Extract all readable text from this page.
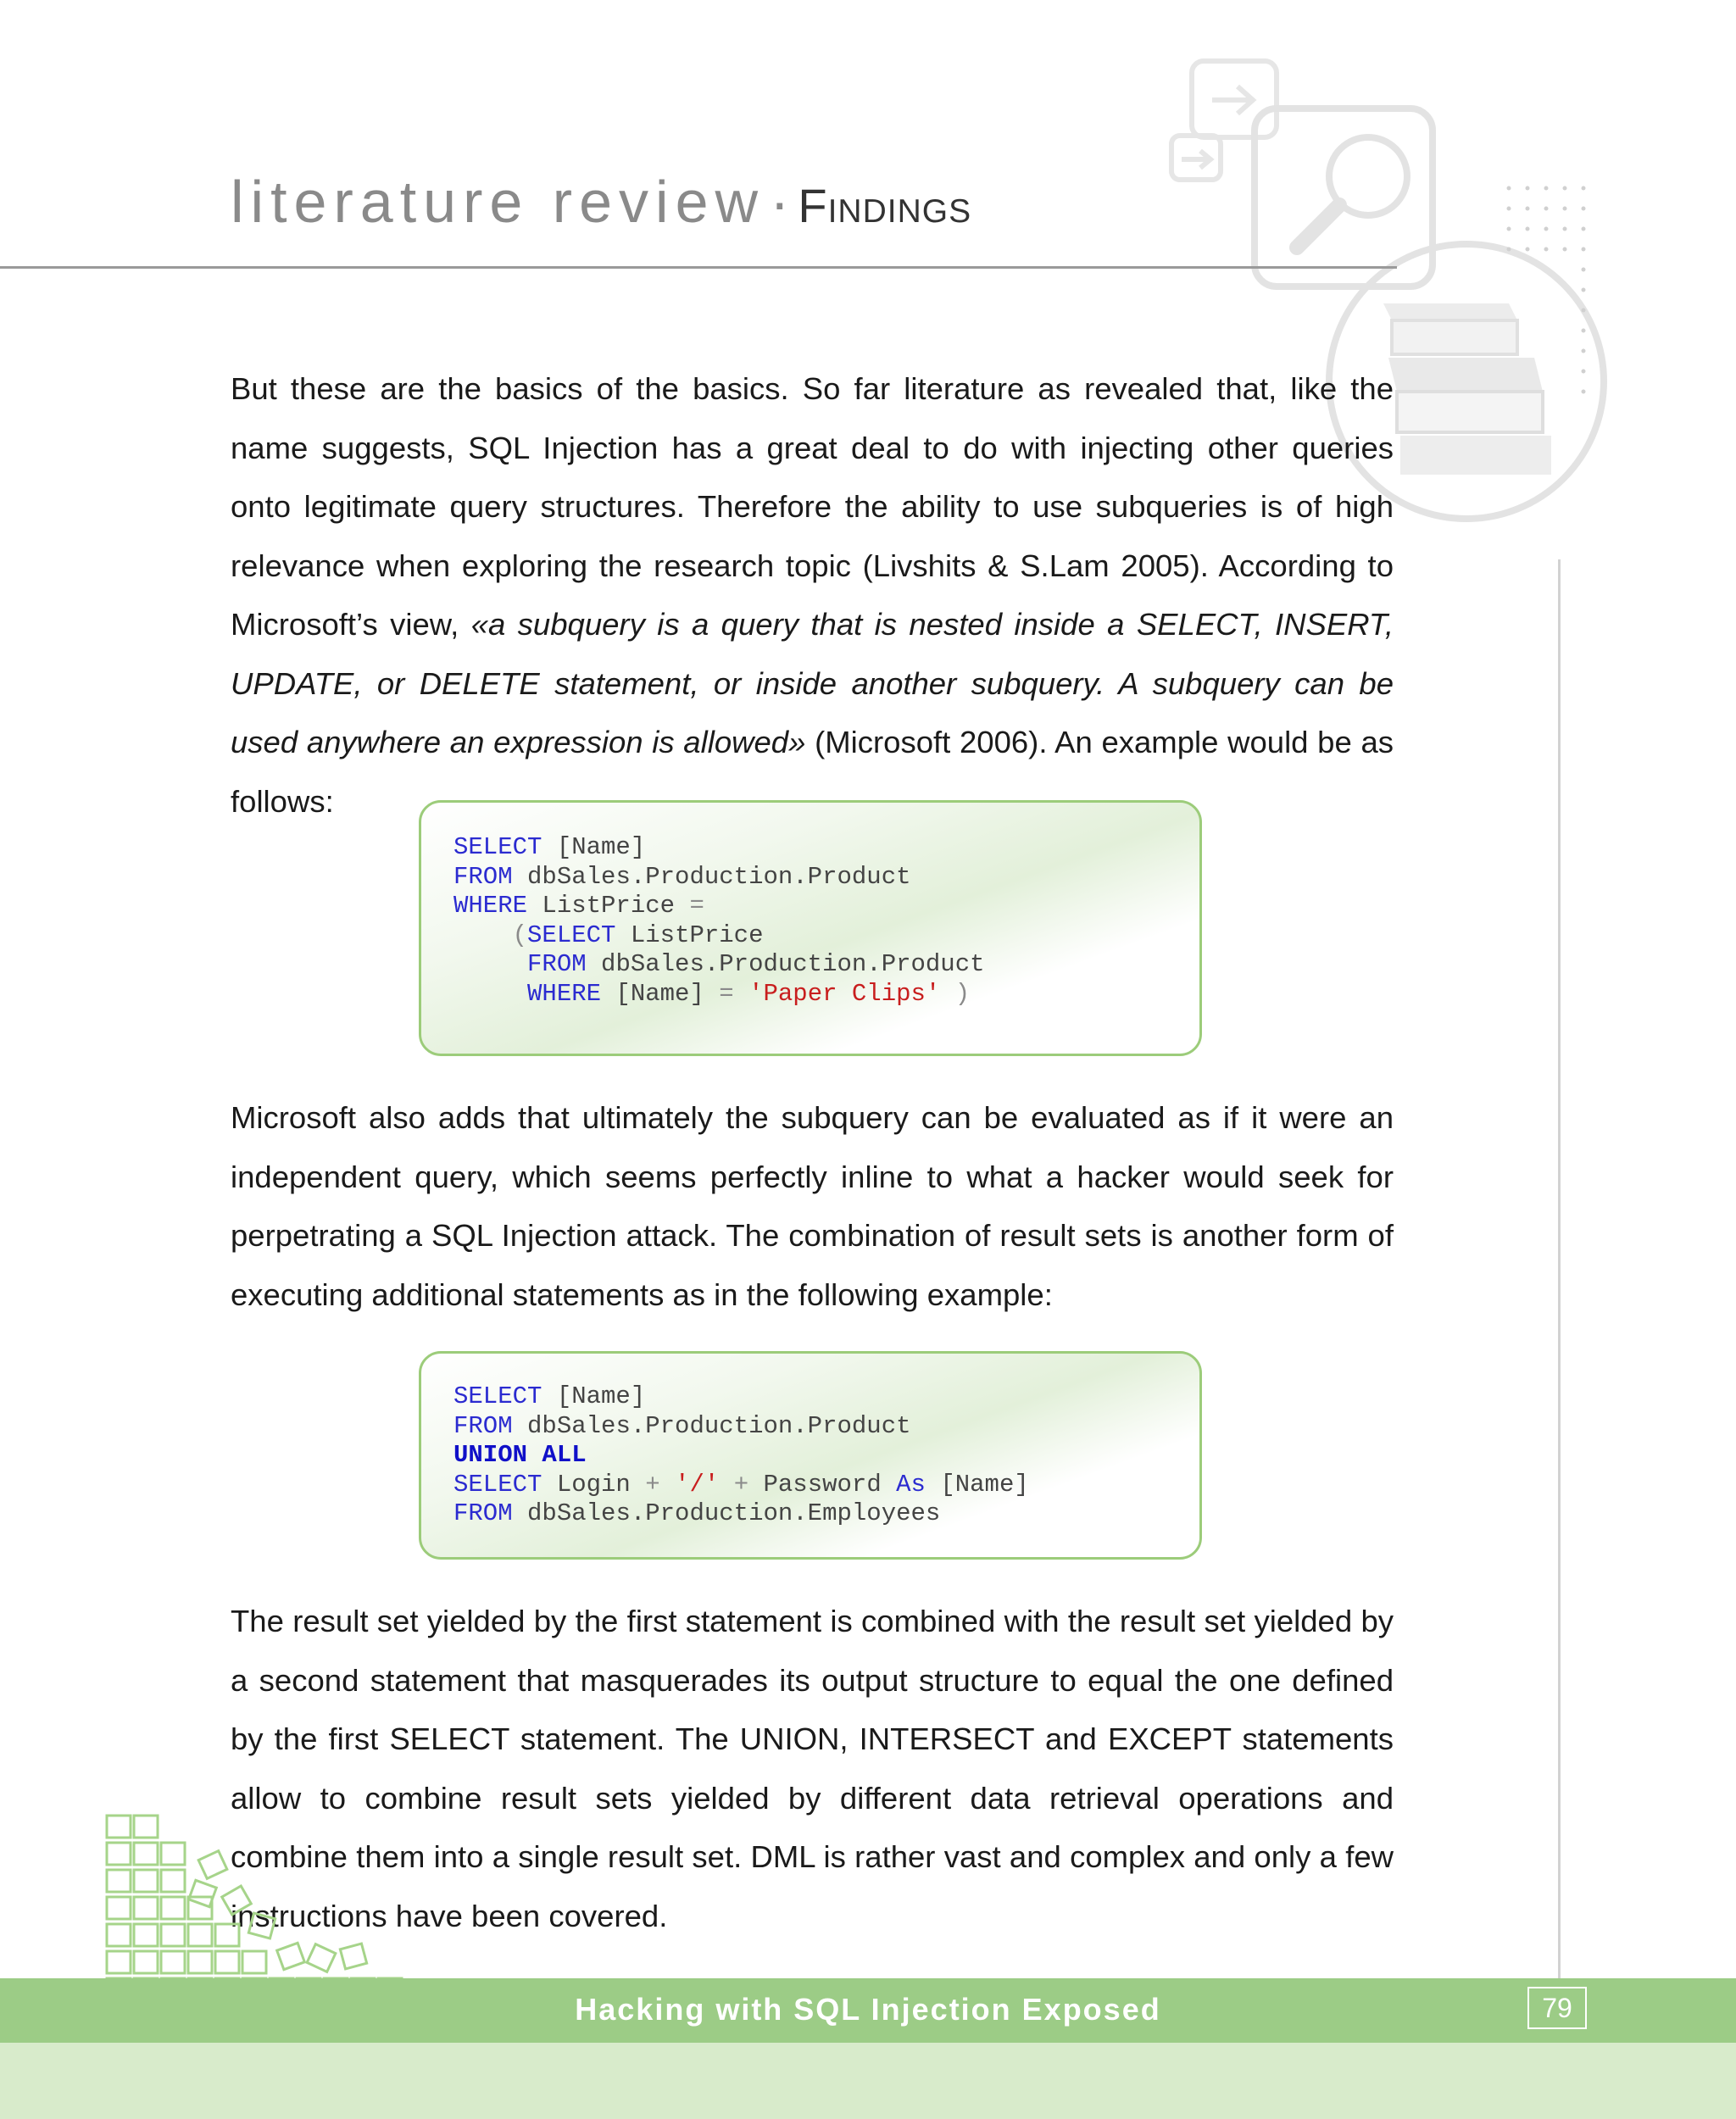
literature review· Findings
But these are the basics of the basics. So far literature as revealed that, like the name suggests, SQL Injection has a great deal to do with injecting other queries onto legitimate query structures. Therefore the ability to use subqueries is of high relevance when exploring the research topic (Livshits & S.Lam 2005). According to Microsoft’s view, «a subquery is a query that is nested inside a SELECT, INSERT, UPDATE, or DELETE statement, or inside another subquery. A subquery can be used anywhere an expression is allowed» (Microsoft 2006). An example would be as follows:
SELECT [Name]
FROM dbSales.Production.Product
WHERE ListPrice =
(SELECT ListPrice
FROM dbSales.Production.Product
WHERE [Name] = 'Paper Clips' )
Microsoft also adds that ultimately the subquery can be evaluated as if it were an independent query, which seems perfectly inline to what a hacker would seek for perpetrating a SQL Injection attack. The combination of result sets is another form of executing additional statements as in the following example:
SELECT [Name]
FROM dbSales.Production.Product
UNION ALL
SELECT Login + '/' + Password As [Name]
FROM dbSales.Production.Employees
The result set yielded by the first statement is combined with the result set yielded by a second statement that masquerades its output structure to equal the one defined by the first SELECT statement. The UNION, INTERSECT and EXCEPT statements allow to combine result sets yielded by different data retrieval operations and combine them into a single result set. DML is rather vast and complex and only a few instructions have been covered.
Hacking with SQL Injection Exposed	79
